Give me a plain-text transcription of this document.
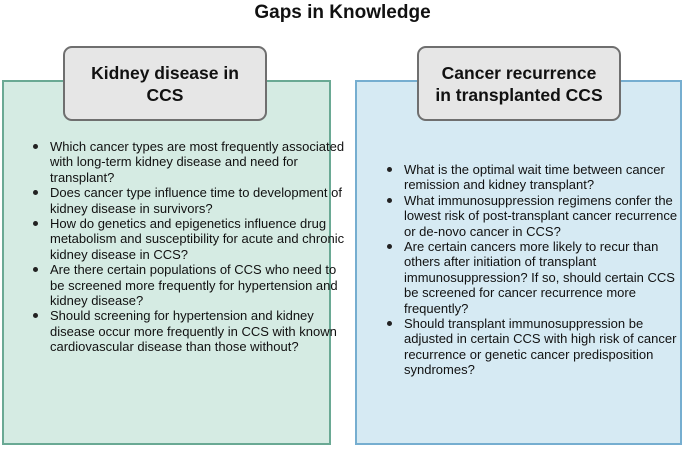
Gaps in Knowledge
Kidney disease in
CCS
Cancer recurrence
in transplanted CCS
Which cancer types are most frequently associated with long-term kidney disease and need for transplant?
Does cancer type influence time to development of kidney disease in survivors?
How do genetics and epigenetics influence drug metabolism and susceptibility for acute and chronic kidney disease in CCS?
Are there certain populations of CCS who need to be screened more frequently for hypertension and kidney disease?
Should screening for hypertension and kidney disease occur more frequently in CCS with known cardiovascular disease than those without?
What is the optimal wait time between cancer remission and kidney transplant?
What immunosuppression regimens confer the lowest risk of post-transplant cancer recurrence or de-novo cancer in CCS?
Are certain cancers more likely to recur than others after initiation of transplant immunosuppression? If so, should certain CCS be screened for cancer recurrence more frequently?
Should transplant immunosuppression be adjusted in certain CCS with high risk of cancer recurrence or genetic cancer predisposition syndromes?
